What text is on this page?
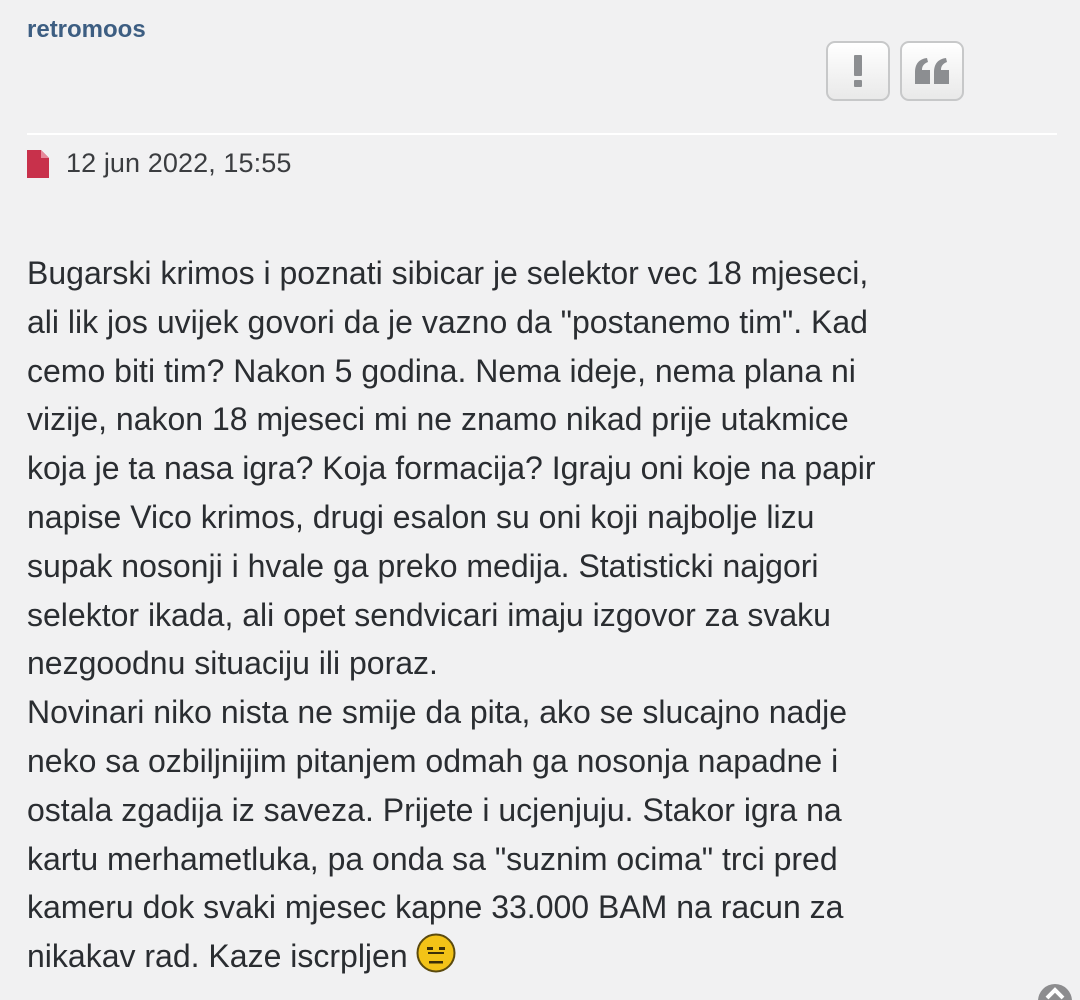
retromoos
12 jun 2022, 15:55

Bugarski krimos i poznati sibicar je selektor vec 18 mjeseci,
ali lik jos uvijek govori da je vazno da "postanemo tim". Kad
cemo biti tim? Nakon 5 godina. Nema ideje, nema plana ni
vizije, nakon 18 mjeseci mi ne znamo nikad prije utakmice
koja je ta nasa igra? Koja formacija? Igraju oni koje na papir
napise Vico krimos, drugi esalon su oni koji najbolje lizu
supak nosonji i hvale ga preko medija. Statisticki najgori
selektor ikada, ali opet sendvicari imaju izgovor za svaku
nezgoodnu situaciju ili poraz.

Novinari niko nista ne smije da pita, ako se slucajno nadje
neko sa ozbiljnijim pitanjem odmah ga nosonja napadne i
ostala zgadija iz saveza. Prijete i ucjenjuju. Stakor igra na
kartu merhametluka, pa onda sa "suznim ocima" trci pred
kameru dok svaki mjesec kapne 33.000 BAM na racun za
nikakav rad. Kaze iscrpljen
